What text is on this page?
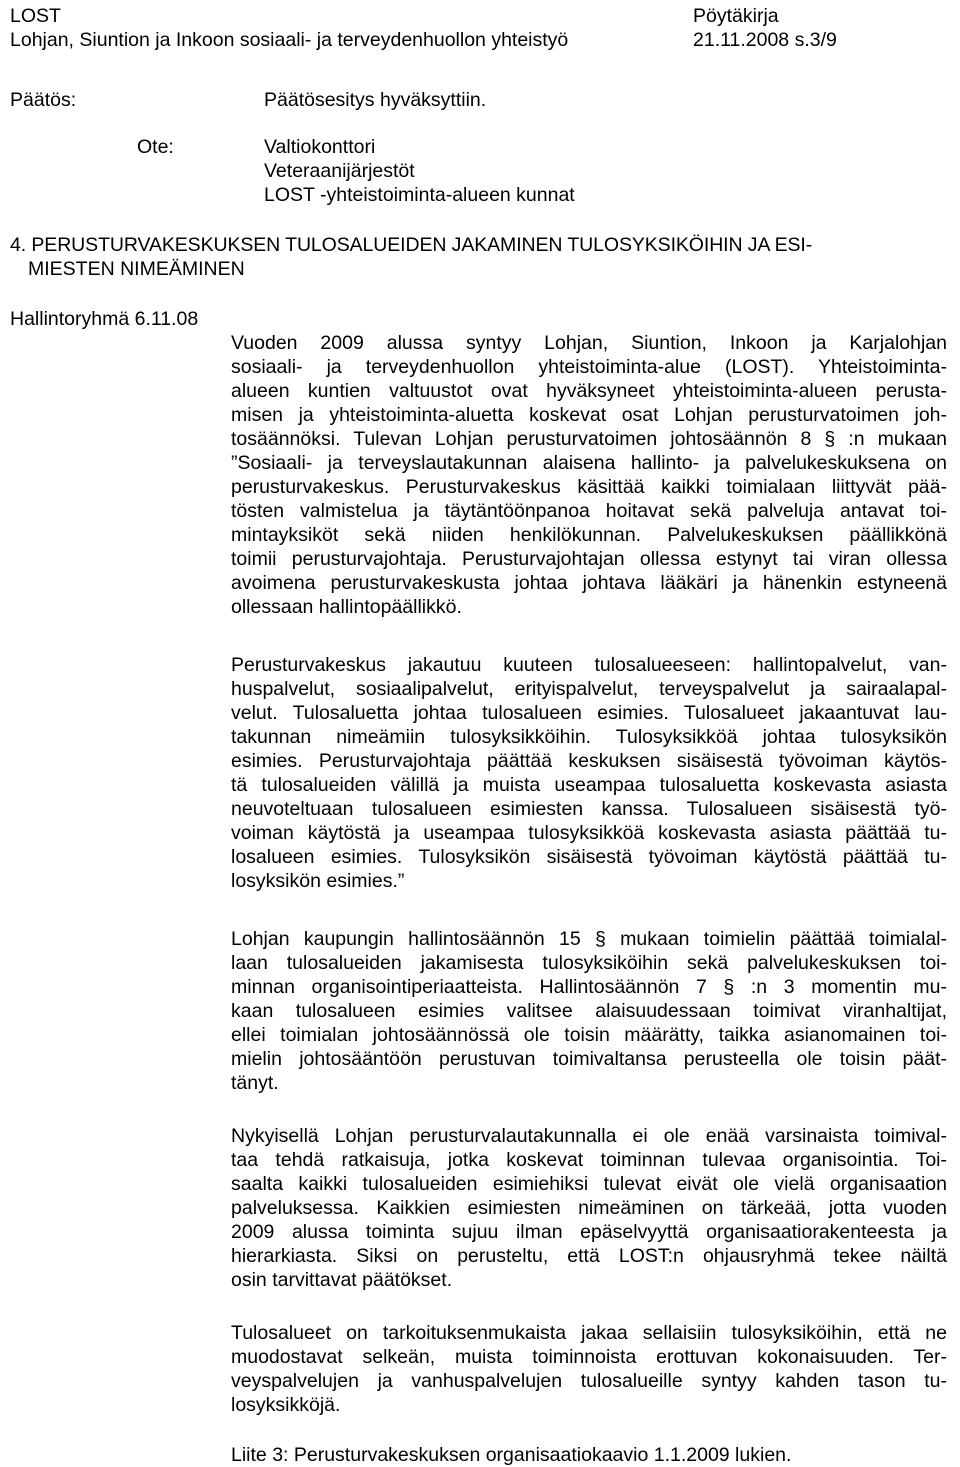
LOST
Lohjan, Siuntion ja Inkoon sosiaali- ja terveydenhuollon yhteistyö
Pöytäkirja
21.11.2008 s.3/9
Päätös:	Päätösesitys hyväksyttiin.
Ote:	Valtiokonttori
Veteraanijärjestöt
LOST -yhteistoiminta-alueen kunnat
4. PERUSTURVAKESKUKSEN TULOSALUEIDEN JAKAMINEN TULOSYKSIKÖIHIN JA ESI-
MIESTEN NIMEÄMINEN
Hallintoryhmä 6.11.08
Vuoden 2009 alussa syntyy Lohjan, Siuntion, Inkoon ja Karjalohjan
sosiaali- ja terveydenhuollon yhteistoiminta-alue (LOST). Yhteistoiminta-
alueen kuntien valtuustot ovat hyväksyneet yhteistoiminta-alueen perusta-
misen ja yhteistoiminta-aluetta koskevat osat Lohjan perusturvatoimen joh-
tosäännöksi. Tulevan Lohjan perusturvatoimen johtosäännön 8 § :n mukaan
”Sosiaali- ja terveyslautakunnan alaisena hallinto- ja palvelukeskuksena on
perusturvakeskus. Perusturvakeskus käsittää kaikki toimialaan liittyvät pää-
tösten valmistelua ja täytäntöönpanoa hoitavat sekä palveluja antavat toi-
mintayksiköt sekä niiden henkilökunnan. Palvelukeskuksen päällikkönä
toimii perusturvajohtaja. Perusturvajohtajan ollessa estynyt tai viran ollessa
avoimena perusturvakeskusta johtaa johtava lääkäri ja hänenkin estyneenä
ollessaan hallintopäällikkö.
Perusturvakeskus jakautuu kuuteen tulosalueeseen: hallintopalvelut, van-
huspalvelut, sosiaalipalvelut, erityispalvelut, terveyspalvelut ja sairaalapal-
velut. Tulosaluetta johtaa tulosalueen esimies. Tulosalueet jakaantuvat lau-
takunnan nimeämiin tulosyksikköihin. Tulosyksikköä johtaa tulosyksikön
esimies. Perusturvajohtaja päättää keskuksen sisäisestä työvoiman käytös-
tä tulosalueiden välillä ja muista useampaa tulosaluetta koskevasta asiasta
neuvoteltuaan tulosalueen esimiesten kanssa. Tulosalueen sisäisestä työ-
voiman käytöstä ja useampaa tulosyksikköä koskevasta asiasta päättää tu-
losalueen esimies. Tulosyksikön sisäisestä työvoiman käytöstä päättää tu-
losyksikön esimies.”
Lohjan kaupungin hallintosäännön 15 § mukaan toimielin päättää toimialal-
laan tulosalueiden jakamisesta tulosyksiköihin sekä palvelukeskuksen toi-
minnan organisointiperiaatteista. Hallintosäännön 7 § :n 3 momentin mu-
kaan tulosalueen esimies valitsee alaisuudessaan toimivat viranhaltijat,
ellei toimialan johtosäännössä ole toisin määrätty, taikka asianomainen toi-
mielin johtosääntöön perustuvan toimivaltansa perusteella ole toisin päät-
tänyt.
Nykyisellä Lohjan perusturvalautakunnalla ei ole enää varsinaista toimival-
taa tehdä ratkaisuja, jotka koskevat toiminnan tulevaa organisointia. Toi-
saalta kaikki tulosalueiden esimiehiksi tulevat eivät ole vielä organisaation
palveluksessa. Kaikkien esimiesten nimeäminen on tärkeää, jotta vuoden
2009 alussa toiminta sujuu ilman epäselvyyttä organisaatiorakenteesta ja
hierarkiasta. Siksi on perusteltu, että LOST:n ohjausryhmä tekee näiltä
osin tarvittavat päätökset.
Tulosalueet on tarkoituksenmukaista jakaa sellaisiin tulosyksiköihin, että ne
muodostavat selkeän, muista toiminnoista erottuvan kokonaisuuden. Ter-
veyspalvelujen ja vanhuspalvelujen tulosalueille syntyy kahden tason tu-
losyksikköjä.
Liite 3: Perusturvakeskuksen organisaatiokaavio 1.1.2009 lukien.
